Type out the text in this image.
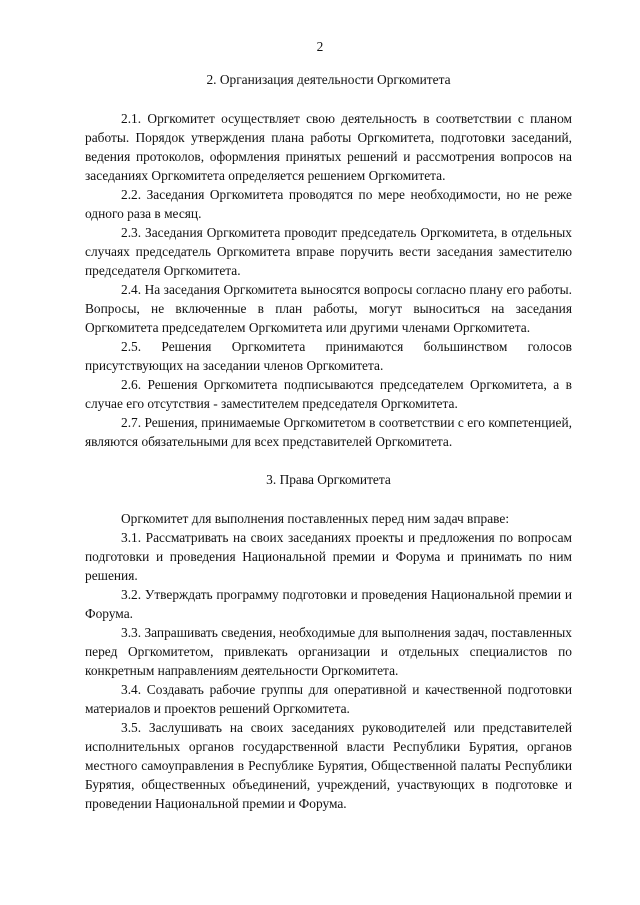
2
2. Организация деятельности Оргкомитета

2.1. Оргкомитет осуществляет свою деятельность в соответствии с планом работы. Порядок утверждения плана работы Оргкомитета, подготовки заседаний, ведения протоколов, оформления принятых решений и рассмотрения вопросов на заседаниях Оргкомитета определяется решением Оргкомитета.

2.2. Заседания Оргкомитета проводятся по мере необходимости, но не реже одного раза в месяц.

2.3. Заседания Оргкомитета проводит председатель Оргкомитета, в отдельных случаях председатель Оргкомитета вправе поручить вести заседания заместителю председателя Оргкомитета.

2.4. На заседания Оргкомитета выносятся вопросы согласно плану его работы. Вопросы, не включенные в план работы, могут выноситься на заседания Оргкомитета председателем Оргкомитета или другими членами Оргкомитета.

2.5. Решения Оргкомитета принимаются большинством голосов присутствующих на заседании членов Оргкомитета.

2.6. Решения Оргкомитета подписываются председателем Оргкомитета, а в случае его отсутствия - заместителем председателя Оргкомитета.

2.7. Решения, принимаемые Оргкомитетом в соответствии с его компетенцией, являются обязательными для всех представителей Оргкомитета.

3. Права Оргкомитета

Оргкомитет для выполнения поставленных перед ним задач вправе:

3.1. Рассматривать на своих заседаниях проекты и предложения по вопросам подготовки и проведения Национальной премии и Форума и принимать по ним решения.

3.2. Утверждать программу подготовки и проведения Национальной премии и Форума.

3.3. Запрашивать сведения, необходимые для выполнения задач, поставленных перед Оргкомитетом, привлекать организации и отдельных специалистов по конкретным направлениям деятельности Оргкомитета.

3.4. Создавать рабочие группы для оперативной и качественной подготовки материалов и проектов решений Оргкомитета.

3.5. Заслушивать на своих заседаниях руководителей или представителей исполнительных органов государственной власти Республики Бурятия, органов местного самоуправления в Республике Бурятия, Общественной палаты Республики Бурятия, общественных объединений, учреждений, участвующих в подготовке и проведении Национальной премии и Форума.
